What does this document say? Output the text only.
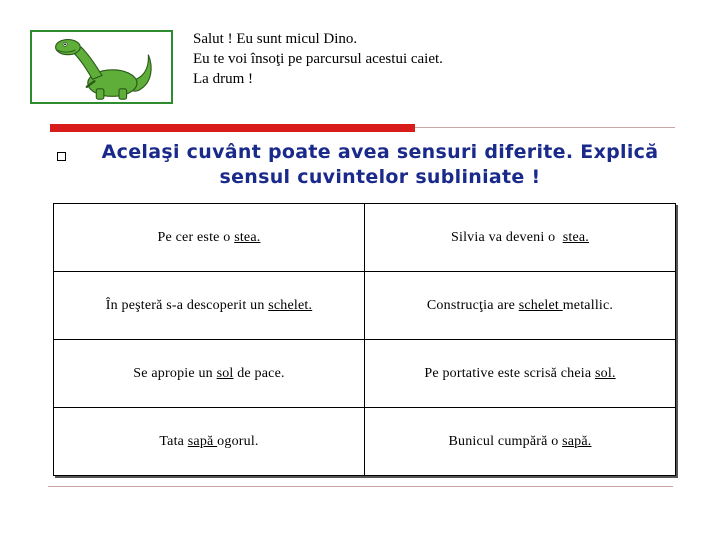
Salut ! Eu sunt micul Dino.
Eu te voi însoţi pe parcursul acestui caiet.
La drum !
Acelaşi cuvânt poate avea sensuri diferite. Explică
sensul cuvintelor subliniate !
Pe cer este o stea.	Silvia va deveni o  stea.
În peşteră s-a descoperit un schelet.	Construcţia are schelet metallic.
Se apropie un sol de pace.	Pe portative este scrisă cheia sol.
Tata sapă ogorul.	Bunicul cumpără o sapă.
